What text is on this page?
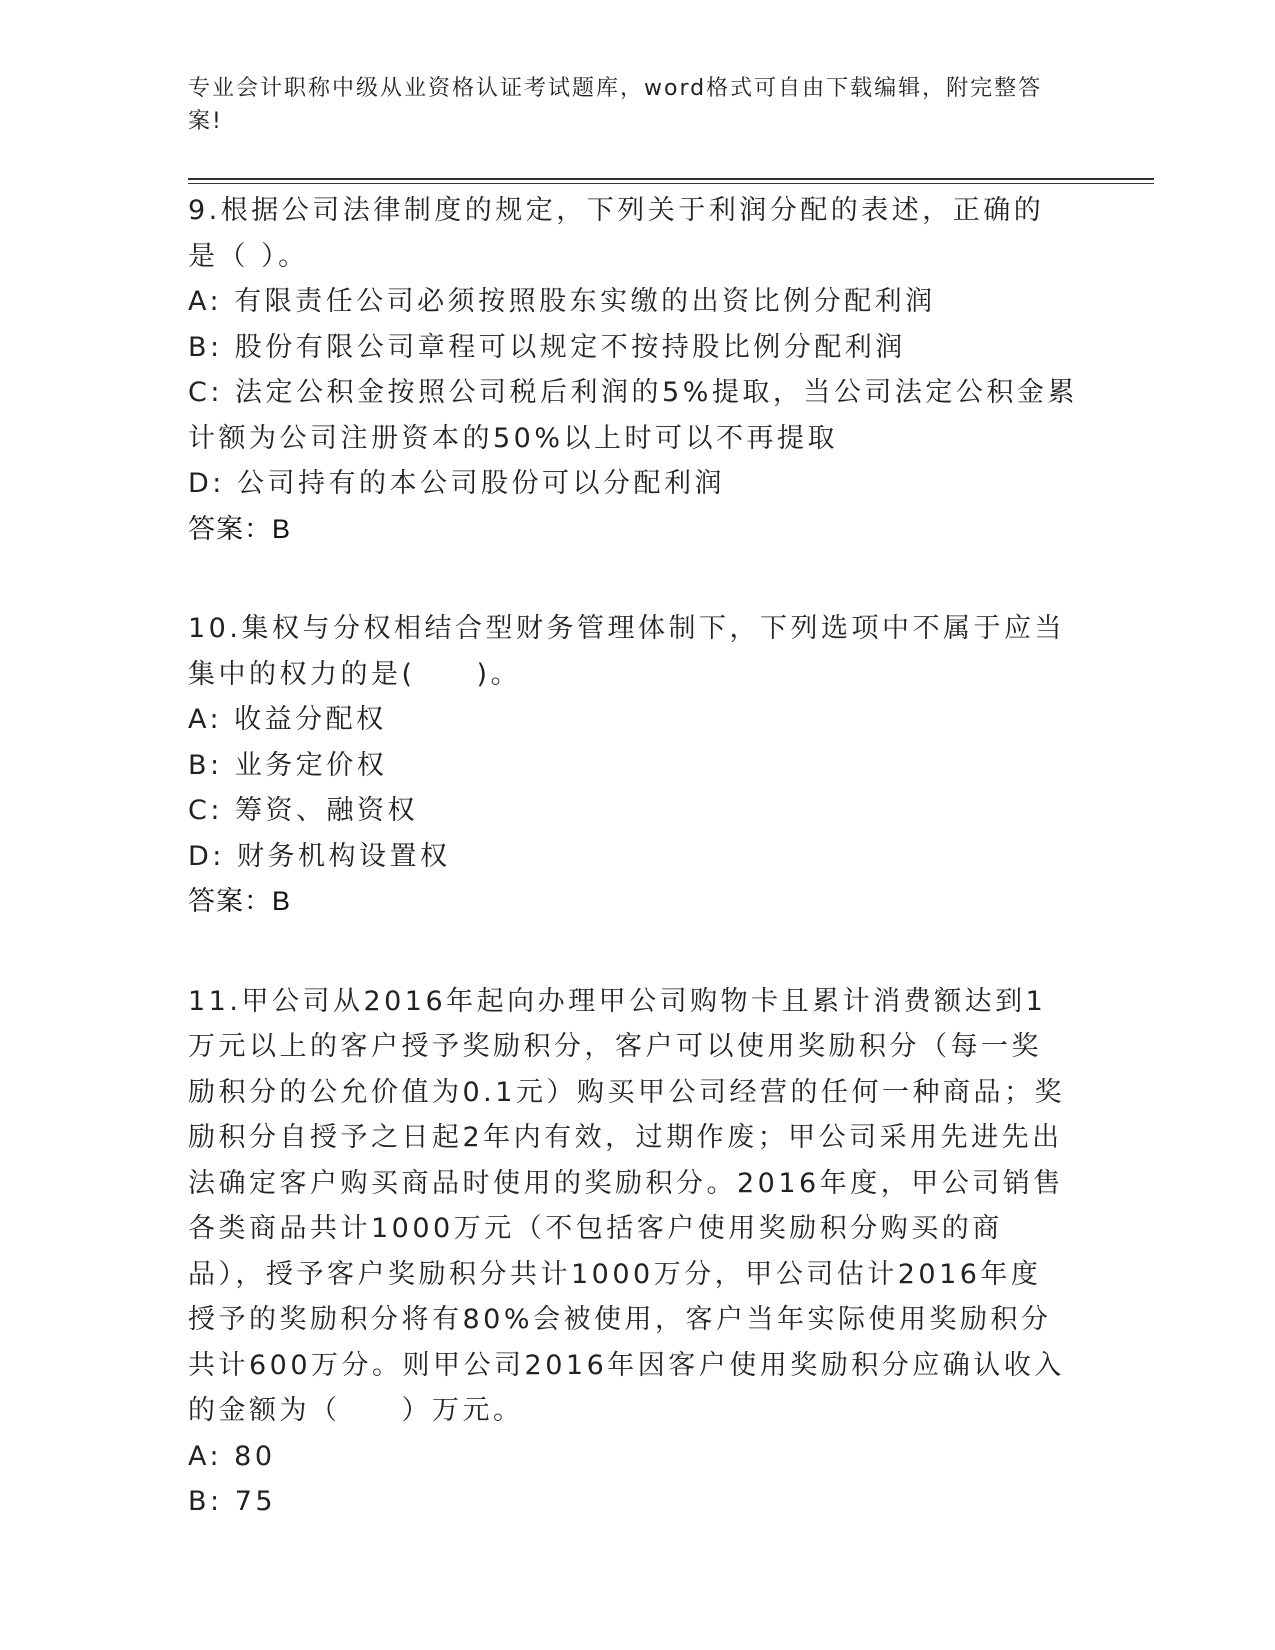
专业会计职称中级从业资格认证考试题库，word格式可自由下载编辑，附完整答案!

9.根据公司法律制度的规定，下列关于利润分配的表述，正确的是（ ）。

A: 有限责任公司必须按照股东实缴的出资比例分配利润

B: 股份有限公司章程可以规定不按持股比例分配利润

C: 法定公积金按照公司税后利润的5%提取，当公司法定公积金累计额为公司注册资本的50%以上时可以不再提取

D: 公司持有的本公司股份可以分配利润

答案：B

10.集权与分权相结合型财务管理体制下，下列选项中不属于应当集中的权力的是(　　)。

A: 收益分配权

B: 业务定价权

C: 筹资、融资权

D: 财务机构设置权

答案：B

11.甲公司从2016年起向办理甲公司购物卡且累计消费额达到1万元以上的客户授予奖励积分，客户可以使用奖励积分（每一奖励积分的公允价值为0.1元）购买甲公司经营的任何一种商品；奖励积分自授予之日起2年内有效，过期作废；甲公司采用先进先出法确定客户购买商品时使用的奖励积分。2016年度，甲公司销售各类商品共计1000万元（不包括客户使用奖励积分购买的商品），授予客户奖励积分共计1000万分，甲公司估计2016年度授予的奖励积分将有80%会被使用，客户当年实际使用奖励积分共计600万分。则甲公司2016年因客户使用奖励积分应确认收入的金额为（　　）万元。

A: 80

B: 75
